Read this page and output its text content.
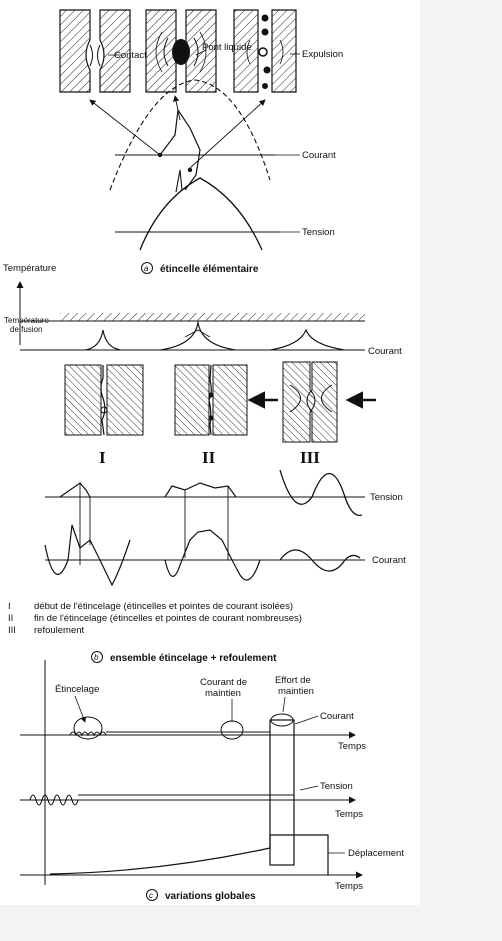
Contact
Pont liquide
Expulsion
Courant
Tension
a étincelle élémentaire
Température
Température
de fusion
Courant
I	II	III
Tension
Courant
I début de l'étincelage (étincelles et pointes de courant isolées)
II fin de l'étincelage (étincelles et pointes de courant nombreuses)
III refoulement
b ensemble étincelage + refoulement
Étincelage
Courant de
maintien
Effort de
maintien
Courant
Temps
Tension
Temps
Déplacement
Temps
c variations globales
